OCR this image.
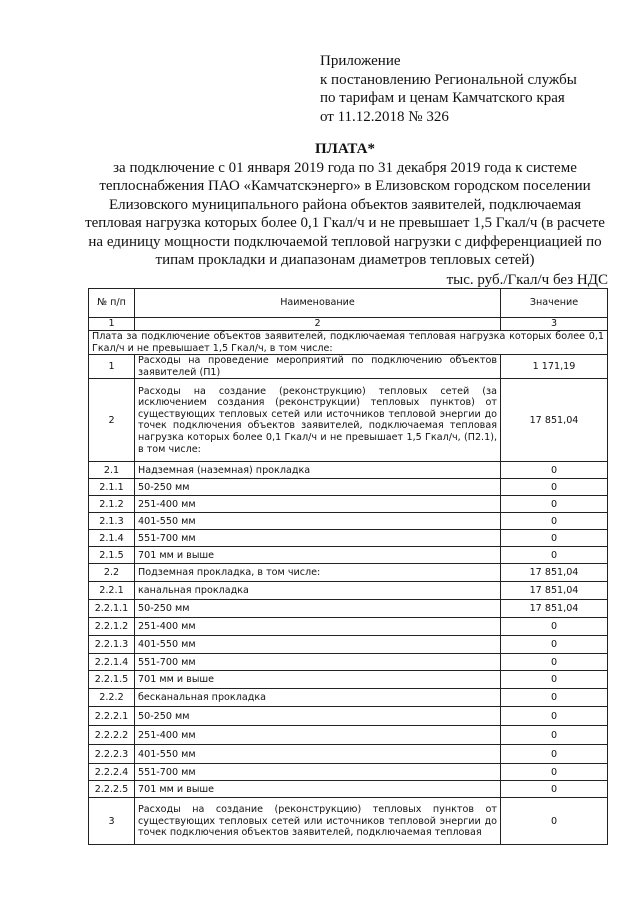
Приложение
к постановлению Региональной службы
по тарифам и ценам Камчатского края
от 11.12.2018 № 326
ПЛАТА*
за подключение с 01 января 2019 года по 31 декабря 2019 года к системе теплоснабжения ПАО «Камчатскэнерго» в Елизовском городском поселении Елизовского муниципального района объектов заявителей, подключаемая тепловая нагрузка которых более 0,1 Гкал/ч и не превышает 1,5 Гкал/ч (в расчете на единицу мощности подключаемой тепловой нагрузки с дифференциацией по типам прокладки и диапазонам диаметров тепловых сетей)
тыс. руб./Гкал/ч без НДС
№ п/п	Наименование	Значение
1	2	3
Плата за подключение объектов заявителей, подключаемая тепловая нагрузка которых более 0,1 Гкал/ч и не превышает 1,5 Гкал/ч, в том числе:		
1	Расходы на проведение мероприятий по подключению объектов заявителей (П1)	1 171,19
2	Расходы на создание (реконструкцию) тепловых сетей (за исключением создания (реконструкции) тепловых пунктов) от существующих тепловых сетей или источников тепловой энергии до точек подключения объектов заявителей, подключаемая тепловая нагрузка которых более 0,1 Гкал/ч и не превышает 1,5 Гкал/ч, (П2.1), в том числе:	17 851,04
2.1	Надземная (наземная) прокладка	0
2.1.1	50-250 мм	0
2.1.2	251-400 мм	0
2.1.3	401-550 мм	0
2.1.4	551-700 мм	0
2.1.5	701 мм и выше	0
2.2	Подземная прокладка, в том числе:	17 851,04
2.2.1	канальная прокладка	17 851,04
2.2.1.1	50-250 мм	17 851,04
2.2.1.2	251-400 мм	0
2.2.1.3	401-550 мм	0
2.2.1.4	551-700 мм	0
2.2.1.5	701 мм и выше	0
2.2.2	бесканальная прокладка	0
2.2.2.1	50-250 мм	0
2.2.2.2	251-400 мм	0
2.2.2.3	401-550 мм	0
2.2.2.4	551-700 мм	0
2.2.2.5	701 мм и выше	0
3	Расходы на создание (реконструкцию) тепловых пунктов от существующих тепловых сетей или источников тепловой энергии до точек подключения объектов заявителей, подключаемая тепловая	0
